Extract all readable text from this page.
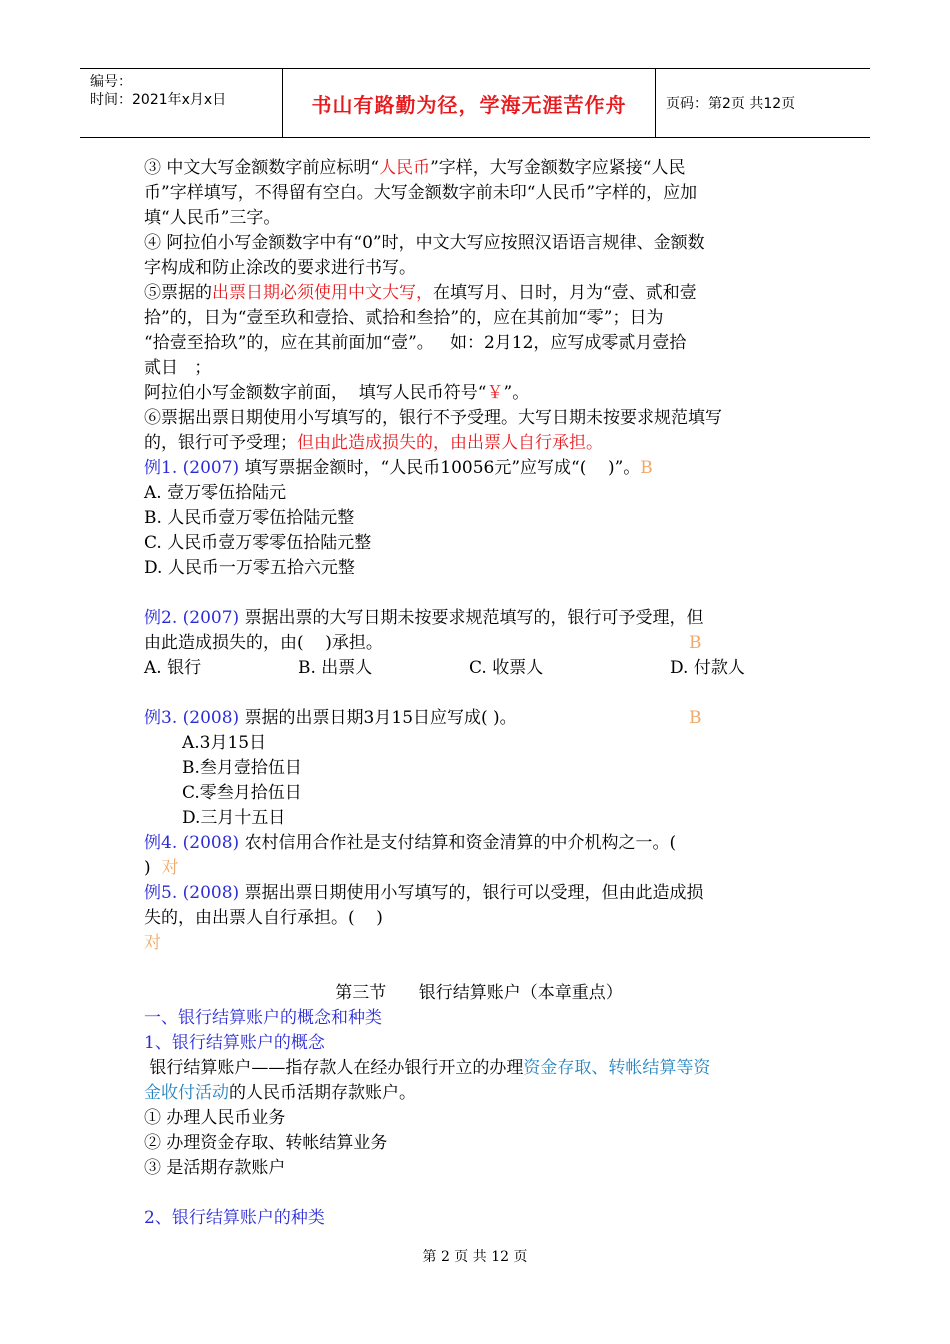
编号：
时间：2021年x月x日	书山有路勤为径，学海无涯苦作舟	页码：第2页 共12页
③ 中文大写金额数字前应标明“人民币”字样，大写金额数字应紧接“人民
币”字样填写，不得留有空白。大写金额数字前未印“人民币”字样的，应加
填“人民币”三字。
④ 阿拉伯小写金额数字中有“0”时，中文大写应按照汉语语言规律、金额数
字构成和防止涂改的要求进行书写。
⑤票据的出票日期必须使用中文大写，在填写月、日时，月为“壹、贰和壹
拾”的，日为“壹至玖和壹拾、贰拾和叁拾”的，应在其前加“零”；日为
“拾壹至拾玖”的，应在其前面加“壹”。   如：2月12，应写成零贰月壹拾
贰日   ；
阿拉伯小写金额数字前面，  填写人民币符号“￥”。
⑥票据出票日期使用小写填写的，银行不予受理。大写日期未按要求规范填写
的，银行可予受理；但由此造成损失的，由出票人自行承担。
例1. (2007) 填写票据金额时，“人民币10056元”应写成“(    )”。B
A. 壹万零伍拾陆元
B. 人民币壹万零伍拾陆元整
C. 人民币壹万零零伍拾陆元整
D. 人民币一万零五拾六元整
例2. (2007) 票据出票的大写日期未按要求规范填写的，银行可予受理，但
由此造成损失的，由(    )承担。	B
A. 银行	B. 出票人	C. 收票人	D. 付款人
例3. (2008) 票据的出票日期3月15日应写成( )。	B
A.3月15日
B.叁月壹拾伍日
C.零叁月拾伍日
D.三月十五日
例4. (2008) 农村信用合作社是支付结算和资金清算的中介机构之一。(
) 对
例5. (2008) 票据出票日期使用小写填写的，银行可以受理，但由此造成损
失的，由出票人自行承担。(    )
对
第三节      银行结算账户（本章重点）
一、银行结算账户的概念和种类
1、银行结算账户的概念
银行结算账户——指存款人在经办银行开立的办理资金存取、转帐结算等资
金收付活动的人民币活期存款账户。
① 办理人民币业务
② 办理资金存取、转帐结算业务
③ 是活期存款账户
2、银行结算账户的种类
第 2 页 共 12 页
